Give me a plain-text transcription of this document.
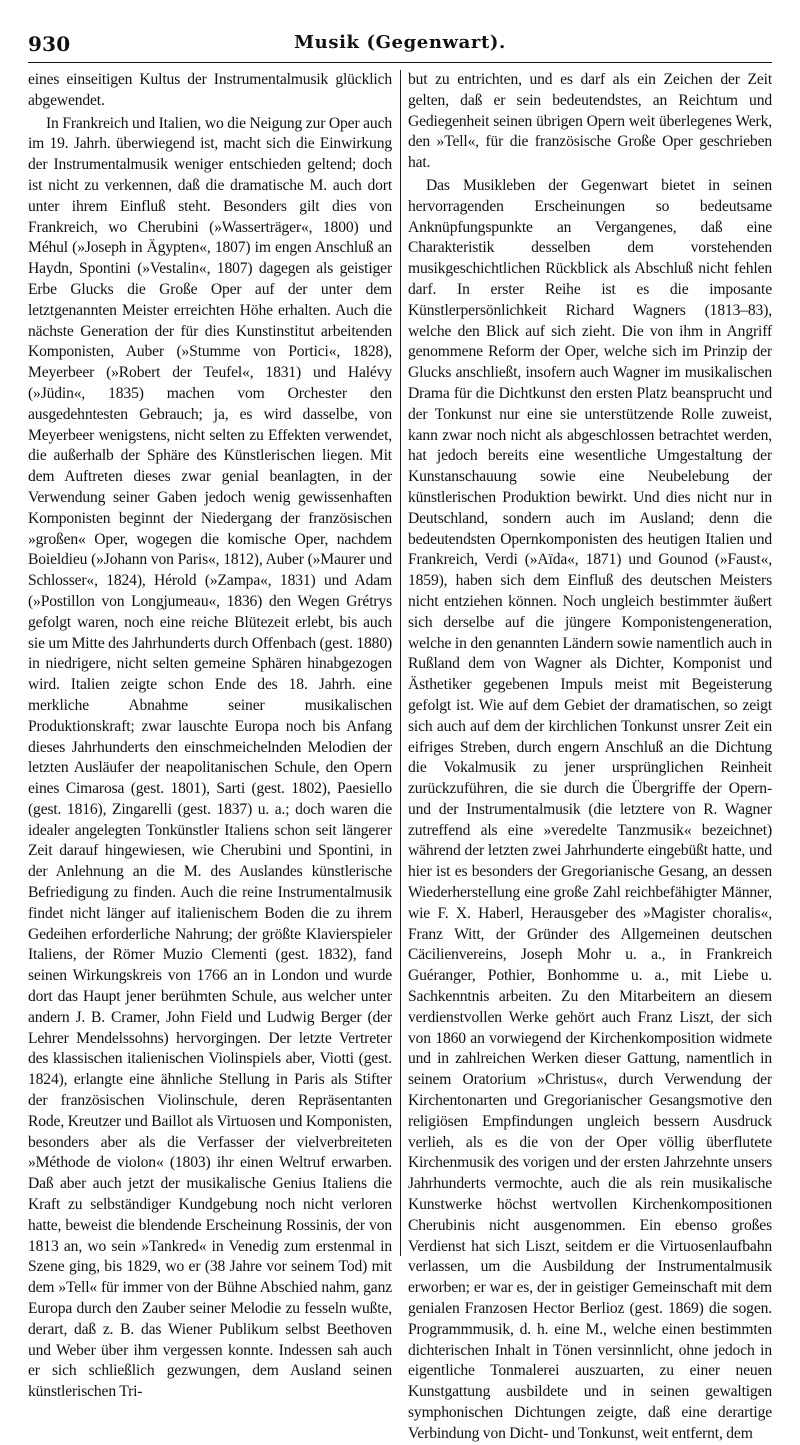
930	Musik (Gegenwart).

eines einseitigen Kultus der Instrumentalmusik glücklich abgewendet.

In Frankreich und Italien, wo die Neigung zur Oper auch im 19. Jahrh. überwiegend ist, macht sich die Einwirkung der Instrumentalmusik weniger entschieden geltend; doch ist nicht zu verkennen, daß die dramatische M. auch dort unter ihrem Einfluß steht. Besonders gilt dies von Frankreich, wo Cherubini (»Wasserträger«, 1800) und Méhul (»Joseph in Ägypten«, 1807) im engen Anschluß an Haydn, Spontini (»Vestalin«, 1807) dagegen als geistiger Erbe Glucks die Große Oper auf der unter dem letztgenannten Meister erreichten Höhe erhalten. Auch die nächste Generation der für dies Kunstinstitut arbeitenden Komponisten, Auber (»Stumme von Portici«, 1828), Meyerbeer (»Robert der Teufel«, 1831) und Halévy (»Jüdin«, 1835) machen vom Orchester den ausgedehntesten Gebrauch; ja, es wird dasselbe, von Meyerbeer wenigstens, nicht selten zu Effekten verwendet, die außerhalb der Sphäre des Künstlerischen liegen. Mit dem Auftreten dieses zwar genial beanlagten, in der Verwendung seiner Gaben jedoch wenig gewissenhaften Komponisten beginnt der Niedergang der französischen »großen« Oper, wogegen die komische Oper, nachdem Boieldieu (»Johann von Paris«, 1812), Auber (»Maurer und Schlosser«, 1824), Hérold (»Zampa«, 1831) und Adam (»Postillon von Longjumeau«, 1836) den Wegen Grétrys gefolgt waren, noch eine reiche Blütezeit erlebt, bis auch sie um Mitte des Jahrhunderts durch Offenbach (gest. 1880) in niedrigere, nicht selten gemeine Sphären hinabgezogen wird. Italien zeigte schon Ende des 18. Jahrh. eine merkliche Abnahme seiner musikalischen Produktionskraft; zwar lauschte Europa noch bis Anfang dieses Jahrhunderts den einschmeichelnden Melodien der letzten Ausläufer der neapolitanischen Schule, den Opern eines Cimarosa (gest. 1801), Sarti (gest. 1802), Paesiello (gest. 1816), Zingarelli (gest. 1837) u. a.; doch waren die idealer angelegten Tonkünstler Italiens schon seit längerer Zeit darauf hingewiesen, wie Cherubini und Spontini, in der Anlehnung an die M. des Auslandes künstlerische Befriedigung zu finden. Auch die reine Instrumentalmusik findet nicht länger auf italienischem Boden die zu ihrem Gedeihen erforderliche Nahrung; der größte Klavierspieler Italiens, der Römer Muzio Clementi (gest. 1832), fand seinen Wirkungskreis von 1766 an in London und wurde dort das Haupt jener berühmten Schule, aus welcher unter andern J. B. Cramer, John Field und Ludwig Berger (der Lehrer Mendelssohns) hervorgingen. Der letzte Vertreter des klassischen italienischen Violinspiels aber, Viotti (gest. 1824), erlangte eine ähnliche Stellung in Paris als Stifter der französischen Violinschule, deren Repräsentanten Rode, Kreutzer und Baillot als Virtuosen und Komponisten, besonders aber als die Verfasser der vielverbreiteten »Méthode de violon« (1803) ihr einen Weltruf erwarben. Daß aber auch jetzt der musikalische Genius Italiens die Kraft zu selbständiger Kundgebung noch nicht verloren hatte, beweist die blendende Erscheinung Rossinis, der von 1813 an, wo sein »Tankred« in Venedig zum erstenmal in Szene ging, bis 1829, wo er (38 Jahre vor seinem Tod) mit dem »Tell« für immer von der Bühne Abschied nahm, ganz Europa durch den Zauber seiner Melodie zu fesseln wußte, derart, daß z. B. das Wiener Publikum selbst Beethoven und Weber über ihm vergessen konnte. Indessen sah auch er sich schließlich gezwungen, dem Ausland seinen künstlerischen Tri-

but zu entrichten, und es darf als ein Zeichen der Zeit gelten, daß er sein bedeutendstes, an Reichtum und Gediegenheit seinen übrigen Opern weit überlegenes Werk, den »Tell«, für die französische Große Oper geschrieben hat.

Das Musikleben der Gegenwart bietet in seinen hervorragenden Erscheinungen so bedeutsame Anknüpfungspunkte an Vergangenes, daß eine Charakteristik desselben dem vorstehenden musikgeschichtlichen Rückblick als Abschluß nicht fehlen darf. In erster Reihe ist es die imposante Künstlerpersönlichkeit Richard Wagners (1813–83), welche den Blick auf sich zieht. Die von ihm in Angriff genommene Reform der Oper, welche sich im Prinzip der Glucks anschließt, insofern auch Wagner im musikalischen Drama für die Dichtkunst den ersten Platz beansprucht und der Tonkunst nur eine sie unterstützende Rolle zuweist, kann zwar noch nicht als abgeschlossen betrachtet werden, hat jedoch bereits eine wesentliche Umgestaltung der Kunstanschauung sowie eine Neubelebung der künstlerischen Produktion bewirkt. Und dies nicht nur in Deutschland, sondern auch im Ausland; denn die bedeutendsten Opernkomponisten des heutigen Italien und Frankreich, Verdi (»Aïda«, 1871) und Gounod (»Faust«, 1859), haben sich dem Einfluß des deutschen Meisters nicht entziehen können. Noch ungleich bestimmter äußert sich derselbe auf die jüngere Komponistengeneration, welche in den genannten Ländern sowie namentlich auch in Rußland dem von Wagner als Dichter, Komponist und Ästhetiker gegebenen Impuls meist mit Begeisterung gefolgt ist. Wie auf dem Gebiet der dramatischen, so zeigt sich auch auf dem der kirchlichen Tonkunst unsrer Zeit ein eifriges Streben, durch engern Anschluß an die Dichtung die Vokalmusik zu jener ursprünglichen Reinheit zurückzuführen, die sie durch die Übergriffe der Opern- und der Instrumentalmusik (die letztere von R. Wagner zutreffend als eine »veredelte Tanzmusik« bezeichnet) während der letzten zwei Jahrhunderte eingebüßt hatte, und hier ist es besonders der Gregorianische Gesang, an dessen Wiederherstellung eine große Zahl reichbefähigter Männer, wie F. X. Haberl, Herausgeber des »Magister choralis«, Franz Witt, der Gründer des Allgemeinen deutschen Cäcilienvereins, Joseph Mohr u. a., in Frankreich Guéranger, Pothier, Bonhomme u. a., mit Liebe u. Sachkenntnis arbeiten. Zu den Mitarbeitern an diesem verdienstvollen Werke gehört auch Franz Liszt, der sich von 1860 an vorwiegend der Kirchenkomposition widmete und in zahlreichen Werken dieser Gattung, namentlich in seinem Oratorium »Christus«, durch Verwendung der Kirchentonarten und Gregorianischer Gesangsmotive den religiösen Empfindungen ungleich bessern Ausdruck verlieh, als es die von der Oper völlig überflutete Kirchenmusik des vorigen und der ersten Jahrzehnte unsers Jahrhunderts vermochte, auch die als rein musikalische Kunstwerke höchst wertvollen Kirchenkompositionen Cherubinis nicht ausgenommen. Ein ebenso großes Verdienst hat sich Liszt, seitdem er die Virtuosenlaufbahn verlassen, um die Ausbildung der Instrumentalmusik erworben; er war es, der in geistiger Gemeinschaft mit dem genialen Franzosen Hector Berlioz (gest. 1869) die sogen. Programmmusik, d. h. eine M., welche einen bestimmten dichterischen Inhalt in Tönen versinnlicht, ohne jedoch in eigentliche Tonmalerei auszuarten, zu einer neuen Kunstgattung ausbildete und in seinen gewaltigen symphonischen Dichtungen zeigte, daß eine derartige Verbindung von Dicht- und Tonkunst, weit entfernt, dem
